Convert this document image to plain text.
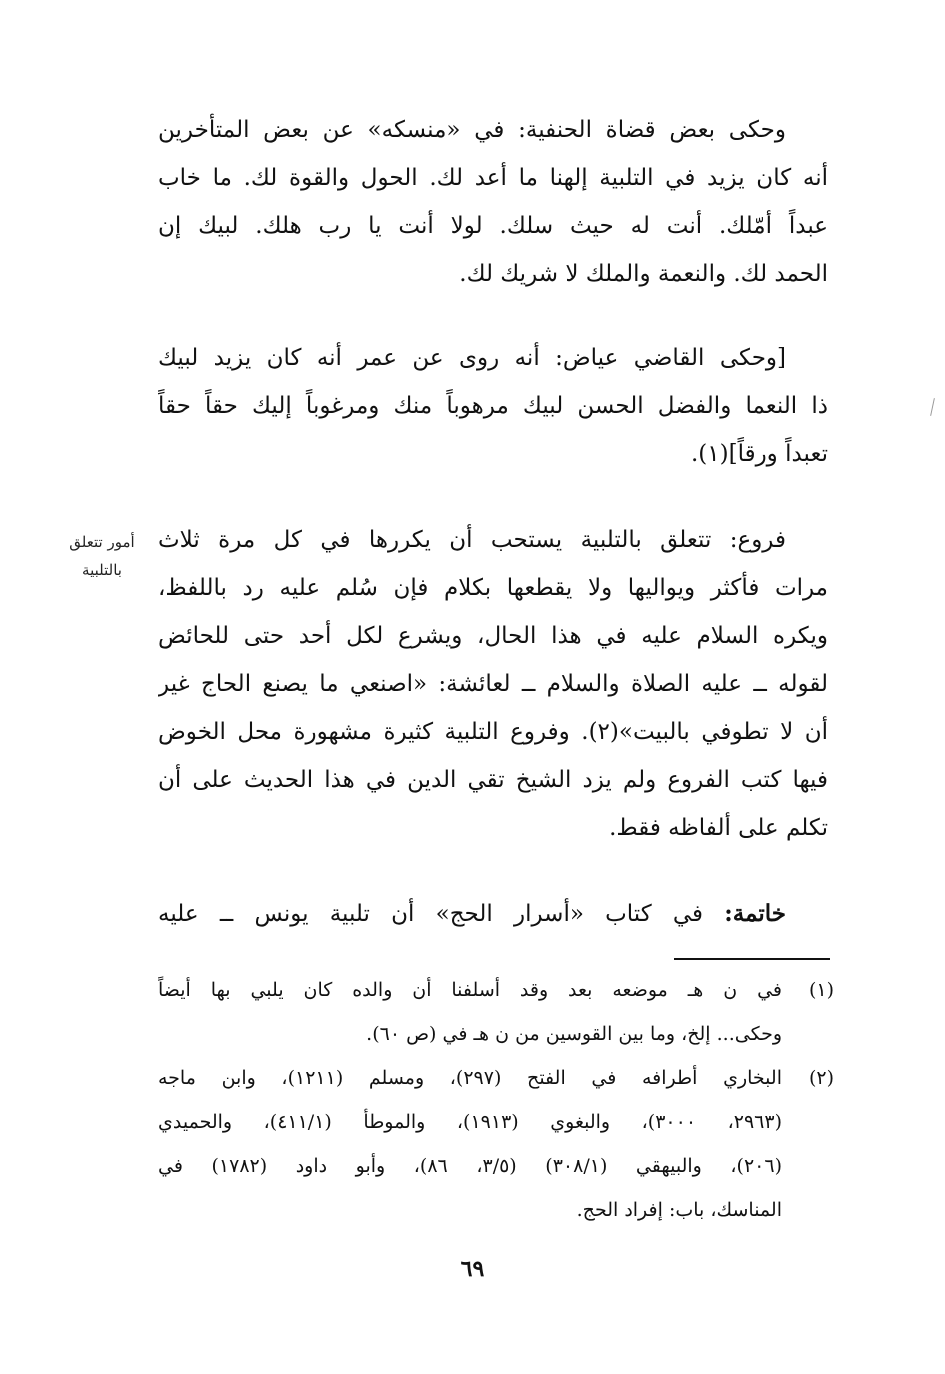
وحكى بعض قضاة الحنفية: في «منسكه» عن بعض المتأخرين
أنه كان يزيد في التلبية إلهنا ما أعد لك. الحول والقوة لك. ما خاب
عبداً أمّلك. أنت له حيث سلك. لولا أنت يا رب هلك. لبيك إن
الحمد لك. والنعمة والملك لا شريك لك.
[وحكى القاضي عياض: أنه روى عن عمر أنه كان يزيد لبيك
ذا النعما والفضل الحسن لبيك مرهوباً منك ومرغوباً إليك حقاً حقاً
تعبداً ورقاً](١).
فروع: تتعلق بالتلبية يستحب أن يكررها في كل مرة ثلاث
مرات فأكثر ويواليها ولا يقطعها بكلام فإن سُلم عليه رد باللفظ،
ويكره السلام عليه في هذا الحال، ويشرع لكل أحد حتى للحائض
لقوله ــ عليه الصلاة والسلام ــ لعائشة: «اصنعي ما يصنع الحاج غير
أن لا تطوفي بالبيت»(٢). وفروع التلبية كثيرة مشهورة محل الخوض
فيها كتب الفروع ولم يزد الشيخ تقي الدين في هذا الحديث على أن
تكلم على ألفاظه فقط.
أمور تتعلق
بالتلبية
خاتمة: في كتاب «أسرار الحج» أن تلبية يونس ــ عليه
(١)
في ن هـ موضعه بعد وقد أسلفنا أن والده كان يلبي بها أيضاً
وحكى... إلخ، وما بين القوسين من ن هـ في (ص ٦٠).
(٢)
البخاري أطرافه في الفتح (٢٩٧)، ومسلم (١٢١١)، وابن ماجه
(٢٩٦٣، ٣٠٠٠)، والبغوي (١٩١٣)، والموطأ (٤١١/١)، والحميدي
(٢٠٦)، والبيهقي (٣٠٨/١) (٣/٥، ٨٦)، وأبو داود (١٧٨٢) في
المناسك، باب: إفراد الحج.
٦٩
